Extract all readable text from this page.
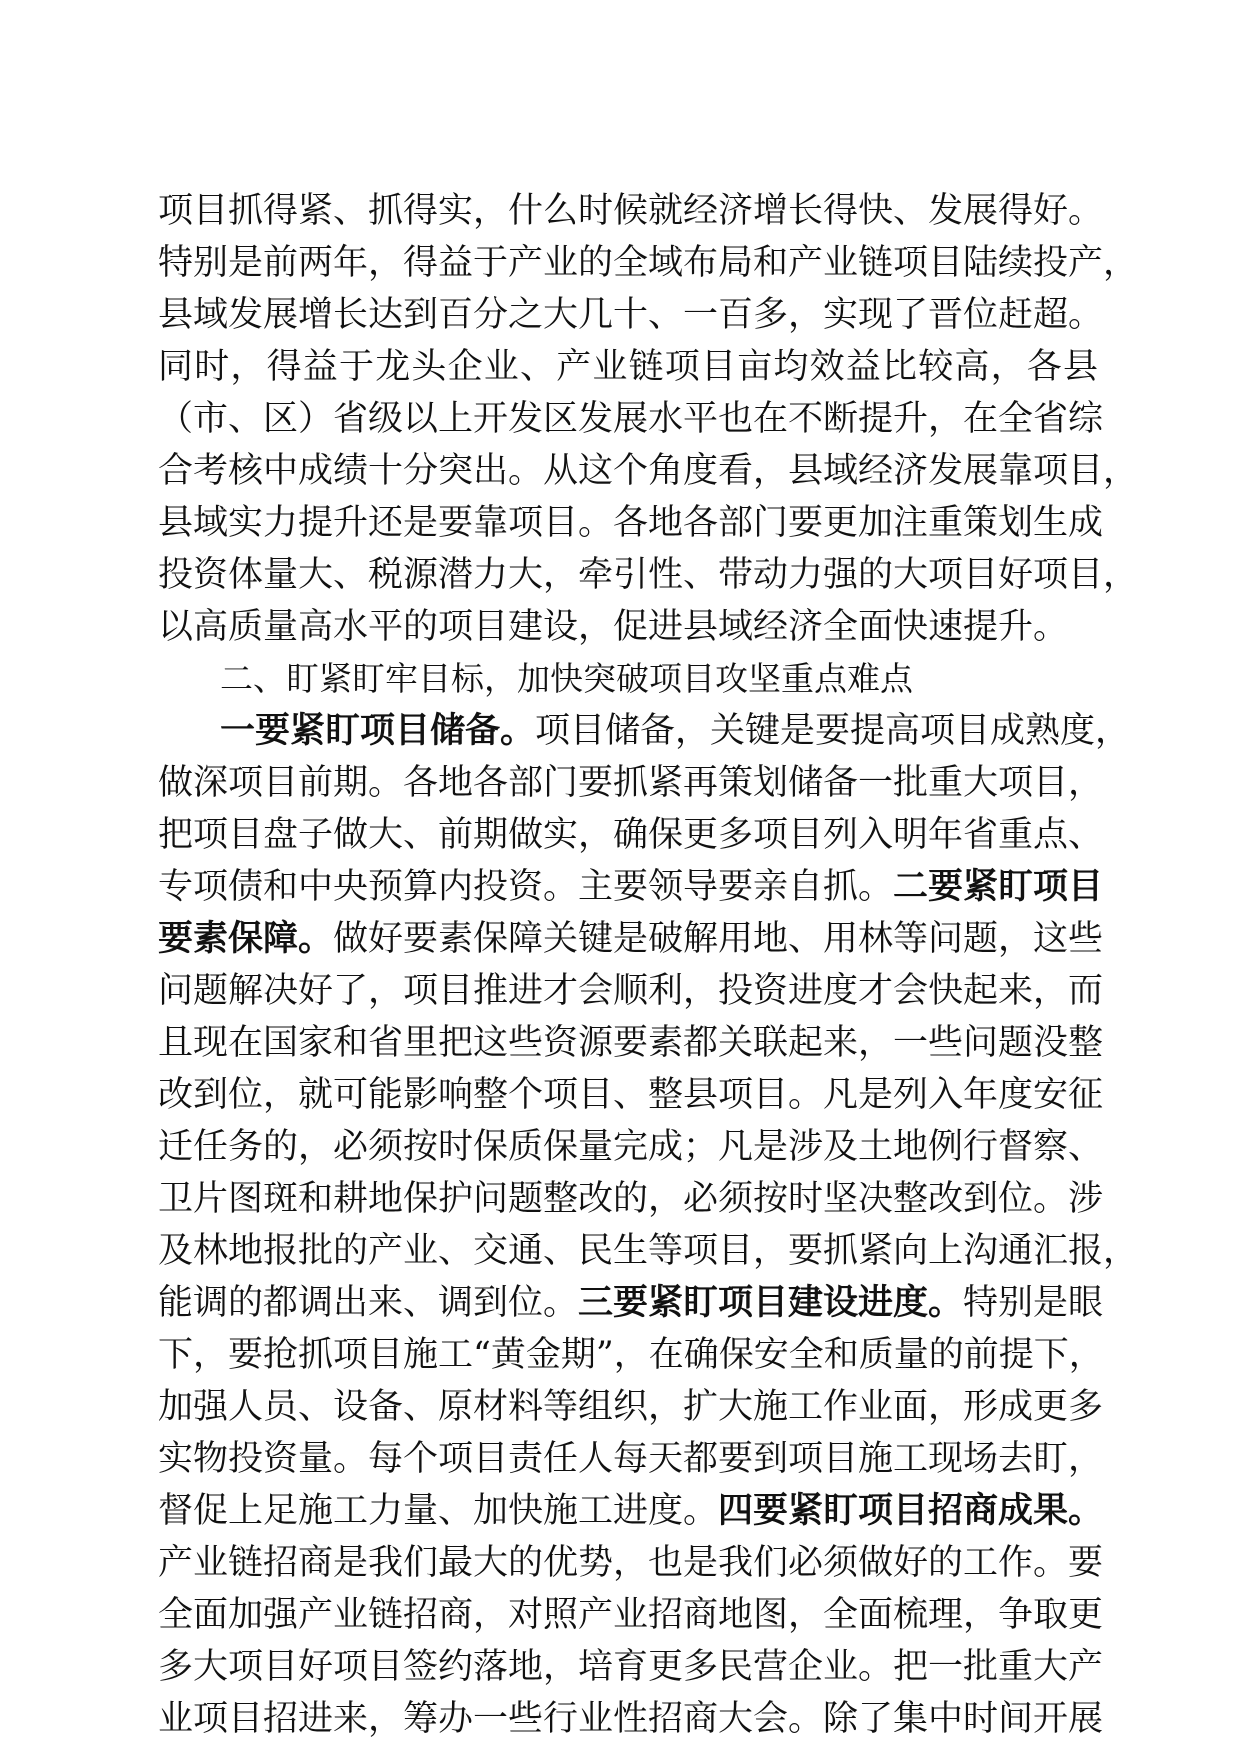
项目抓得紧、抓得实，什么时候就经济增长得快、发展得好。
特别是前两年，得益于产业的全域布局和产业链项目陆续投产，
县域发展增长达到百分之大几十、一百多，实现了晋位赶超。
同时，得益于龙头企业、产业链项目亩均效益比较高，各县
（市、区）省级以上开发区发展水平也在不断提升，在全省综
合考核中成绩十分突出。从这个角度看，县域经济发展靠项目，
县域实力提升还是要靠项目。各地各部门要更加注重策划生成
投资体量大、税源潜力大，牵引性、带动力强的大项目好项目，
以高质量高水平的项目建设，促进县域经济全面快速提升。
二、盯紧盯牢目标，加快突破项目攻坚重点难点
一要紧盯项目储备。项目储备，关键是要提高项目成熟度，
做深项目前期。各地各部门要抓紧再策划储备一批重大项目，
把项目盘子做大、前期做实，确保更多项目列入明年省重点、
专项债和中央预算内投资。主要领导要亲自抓。二要紧盯项目
要素保障。做好要素保障关键是破解用地、用林等问题，这些
问题解决好了，项目推进才会顺利，投资进度才会快起来，而
且现在国家和省里把这些资源要素都关联起来，一些问题没整
改到位，就可能影响整个项目、整县项目。凡是列入年度安征
迁任务的，必须按时保质保量完成；凡是涉及土地例行督察、
卫片图斑和耕地保护问题整改的，必须按时坚决整改到位。涉
及林地报批的产业、交通、民生等项目，要抓紧向上沟通汇报，
能调的都调出来、调到位。三要紧盯项目建设进度。特别是眼
下，要抢抓项目施工“黄金期”，在确保安全和质量的前提下，
加强人员、设备、原材料等组织，扩大施工作业面，形成更多
实物投资量。每个项目责任人每天都要到项目施工现场去盯，
督促上足施工力量、加快施工进度。四要紧盯项目招商成果。
产业链招商是我们最大的优势，也是我们必须做好的工作。要
全面加强产业链招商，对照产业招商地图，全面梳理，争取更
多大项目好项目签约落地，培育更多民营企业。把一批重大产
业项目招进来，筹办一些行业性招商大会。除了集中时间开展
